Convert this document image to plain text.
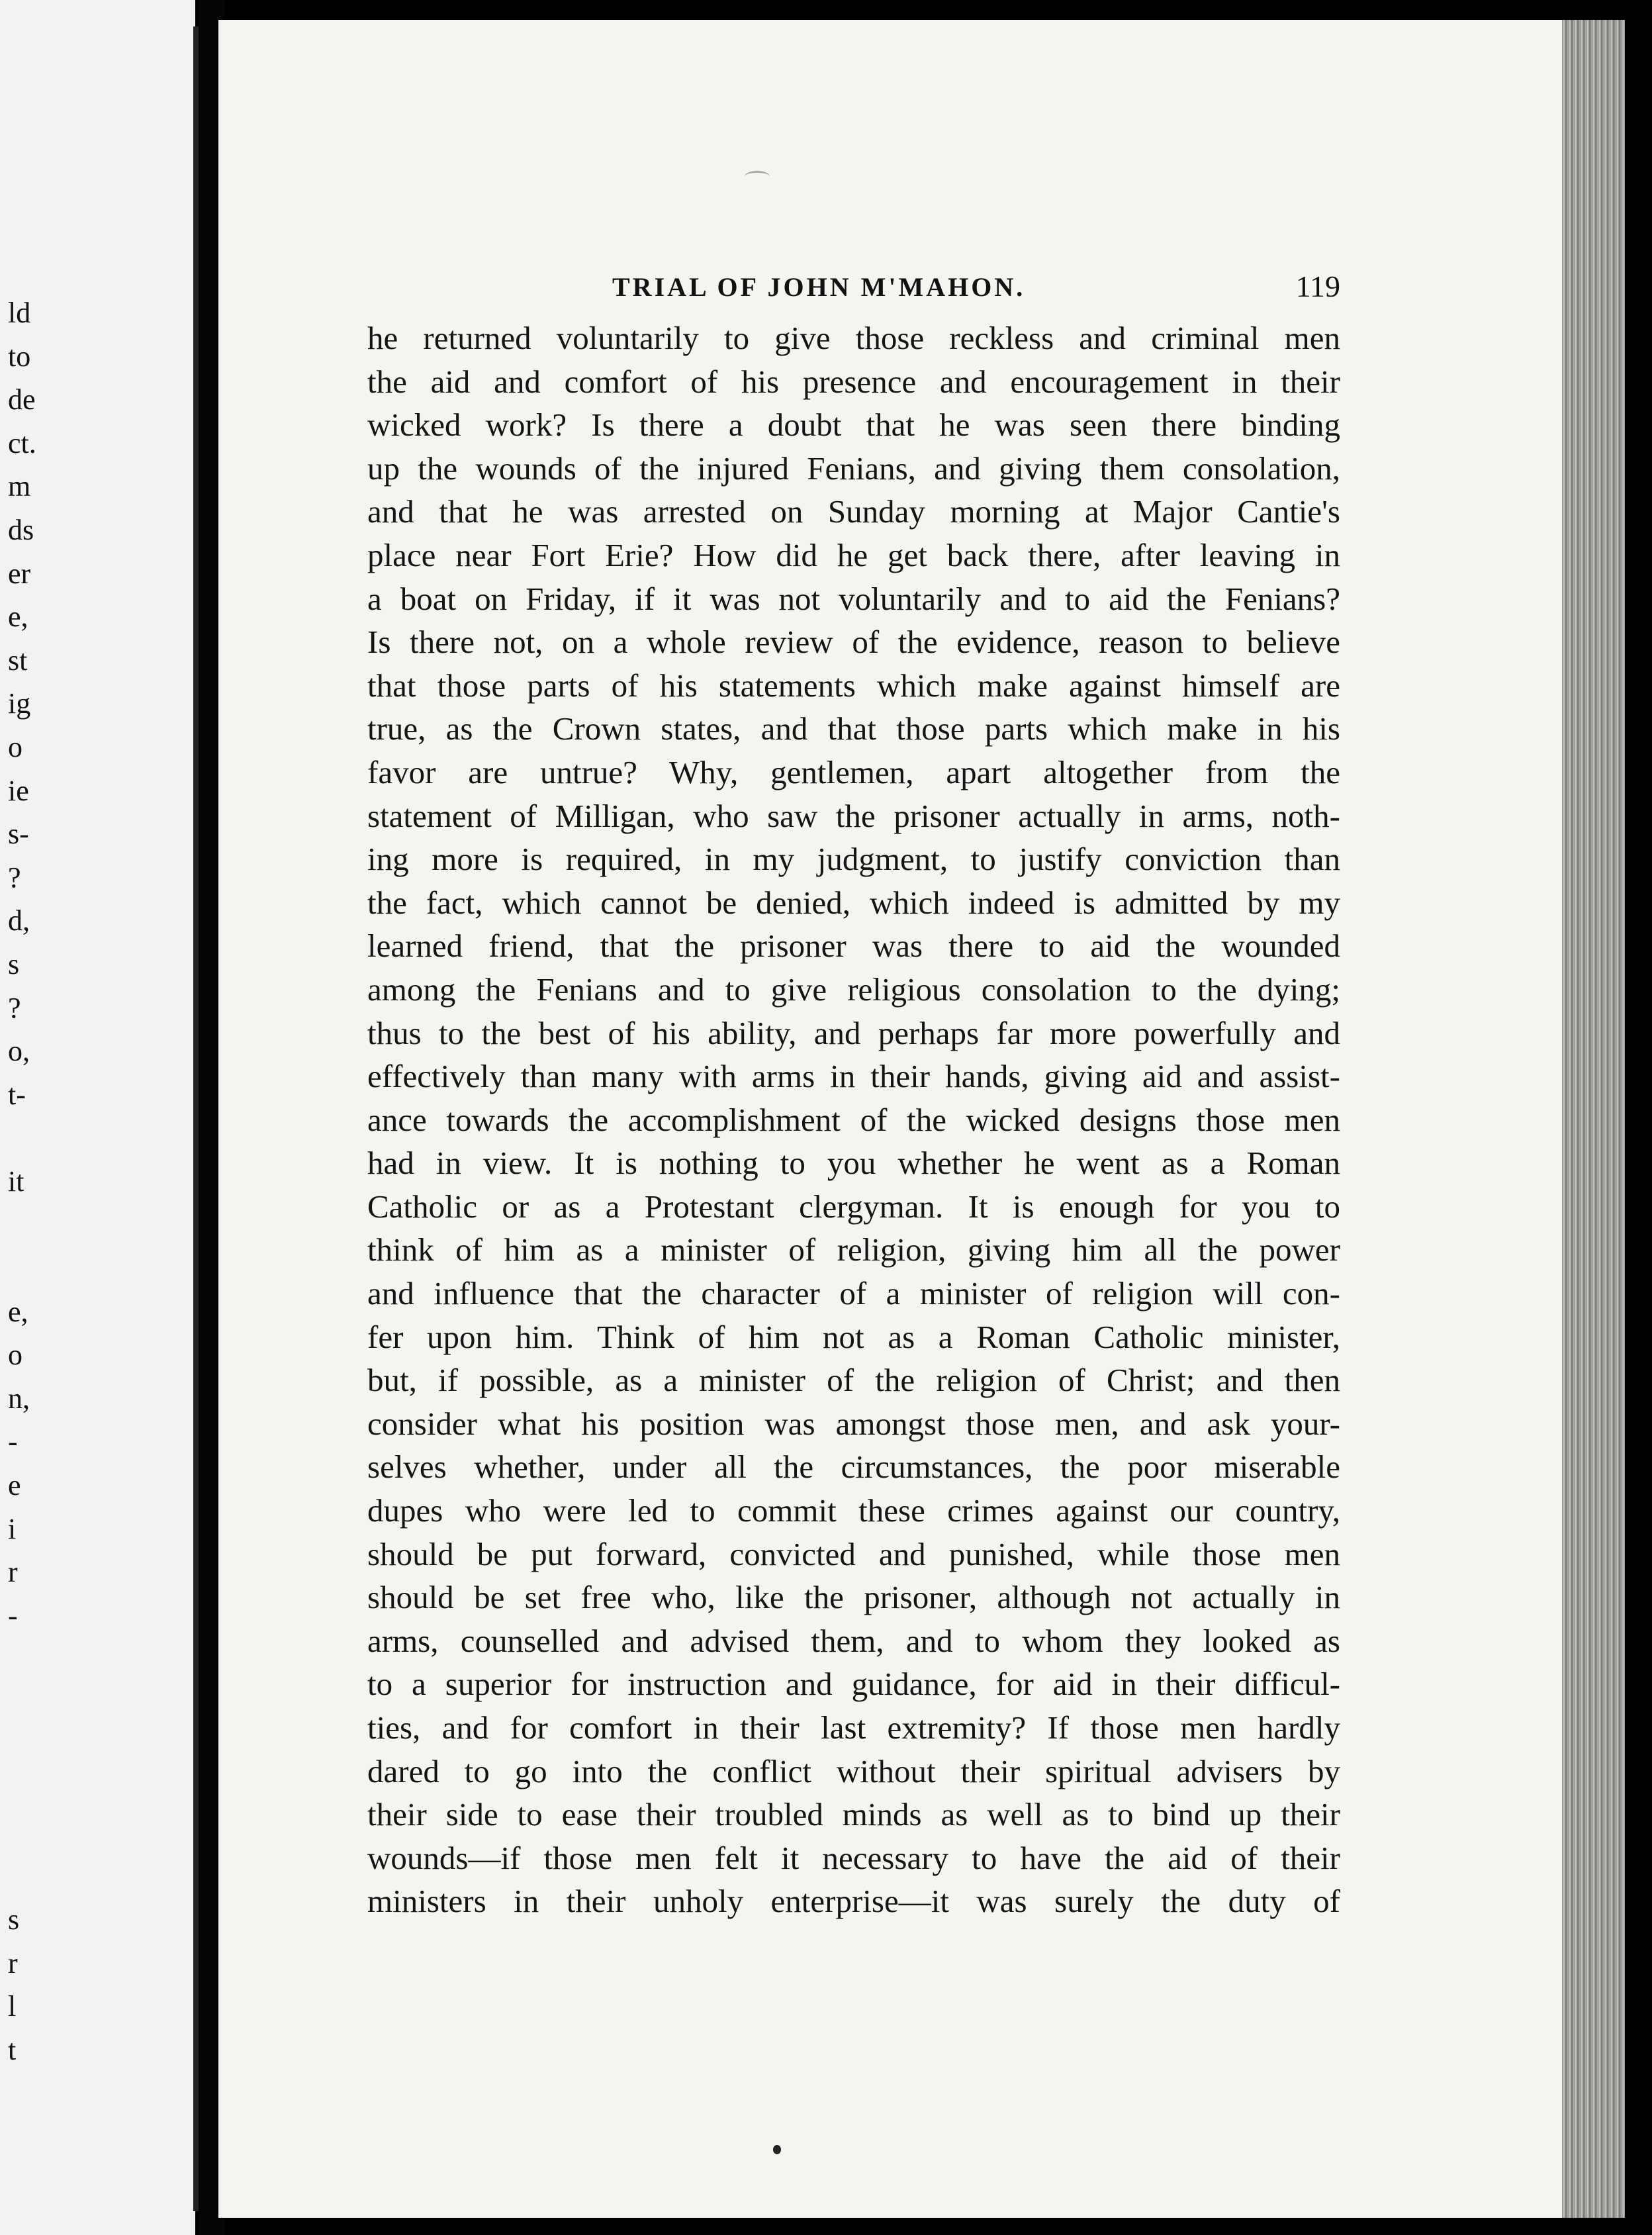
ld
to
de
ct.
m
ds
er
e,
st
ig
o
ie
s-
?
d,
s
?
o,
t-
it
e,
o
n,
-
e
i
r
-
s
r
l
t
TRIAL OF JOHN M'MAHON.	119
he returned voluntarily to give those reckless and criminal men
the aid and comfort of his presence and encouragement in their
wicked work? Is there a doubt that he was seen there binding
up the wounds of the injured Fenians, and giving them consolation,
and that he was arrested on Sunday morning at Major Cantie's
place near Fort Erie? How did he get back there, after leaving in
a boat on Friday, if it was not voluntarily and to aid the Fenians?
Is there not, on a whole review of the evidence, reason to believe
that those parts of his statements which make against himself are
true, as the Crown states, and that those parts which make in his
favor are untrue? Why, gentlemen, apart altogether from the
statement of Milligan, who saw the prisoner actually in arms, noth-
ing more is required, in my judgment, to justify conviction than
the fact, which cannot be denied, which indeed is admitted by my
learned friend, that the prisoner was there to aid the wounded
among the Fenians and to give religious consolation to the dying;
thus to the best of his ability, and perhaps far more powerfully and
effectively than many with arms in their hands, giving aid and assist-
ance towards the accomplishment of the wicked designs those men
had in view. It is nothing to you whether he went as a Roman
Catholic or as a Protestant clergyman. It is enough for you to
think of him as a minister of religion, giving him all the power
and influence that the character of a minister of religion will con-
fer upon him. Think of him not as a Roman Catholic minister,
but, if possible, as a minister of the religion of Christ; and then
consider what his position was amongst those men, and ask your-
selves whether, under all the circumstances, the poor miserable
dupes who were led to commit these crimes against our country,
should be put forward, convicted and punished, while those men
should be set free who, like the prisoner, although not actually in
arms, counselled and advised them, and to whom they looked as
to a superior for instruction and guidance, for aid in their difficul-
ties, and for comfort in their last extremity? If those men hardly
dared to go into the conflict without their spiritual advisers by
their side to ease their troubled minds as well as to bind up their
wounds—if those men felt it necessary to have the aid of their
ministers in their unholy enterprise—it was surely the duty of
